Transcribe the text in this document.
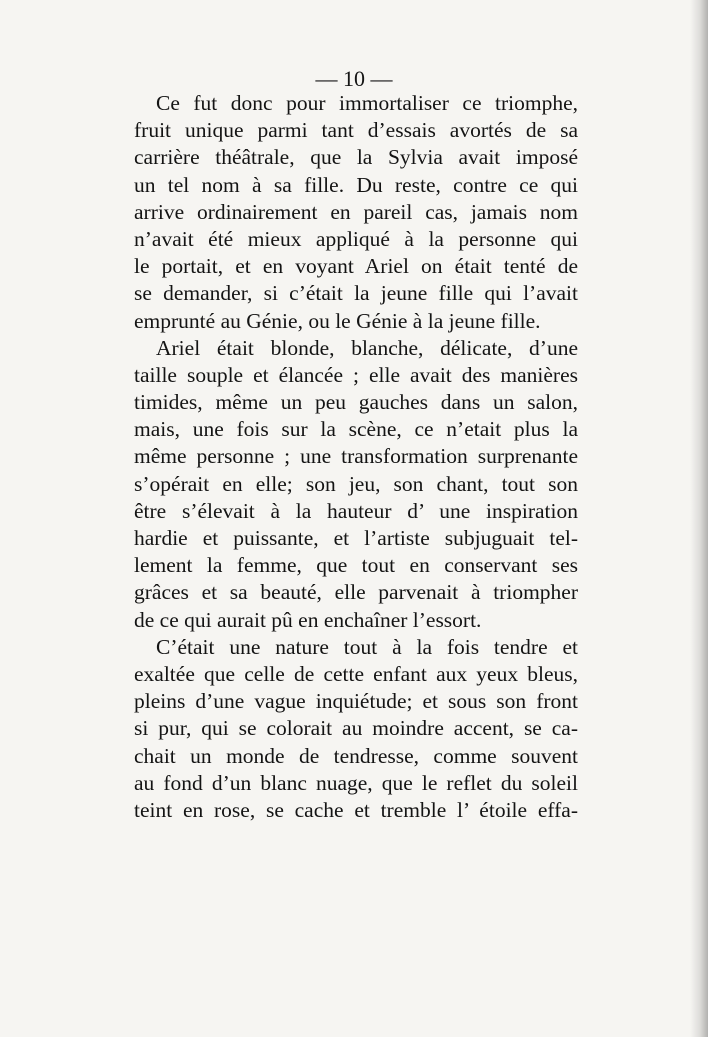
— 10 —
Ce fut donc pour immortaliser ce triomphe,
fruit unique parmi tant d’essais avortés de sa
carrière théâtrale, que la Sylvia avait imposé
un tel nom à sa fille. Du reste, contre ce qui
arrive ordinairement en pareil cas, jamais nom
n’avait été mieux appliqué à la personne qui
le portait, et en voyant Ariel on était tenté de
se demander, si c’était la jeune fille qui l’avait
emprunté au Génie, ou le Génie à la jeune fille.
Ariel était blonde, blanche, délicate, d’une
taille souple et élancée ; elle avait des manières
timides, même un peu gauches dans un salon,
mais, une fois sur la scène, ce n’etait plus la
même personne ; une transformation surprenante
s’opérait en elle; son jeu, son chant, tout son
être s’élevait à la hauteur d’ une inspiration
hardie et puissante, et l’artiste subjuguait tel-
lement la femme, que tout en conservant ses
grâces et sa beauté, elle parvenait à triompher
de ce qui aurait pû en enchaîner l’essort.
C’était une nature tout à la fois tendre et
exaltée que celle de cette enfant aux yeux bleus,
pleins d’une vague inquiétude; et sous son front
si pur, qui se colorait au moindre accent, se ca-
chait un monde de tendresse, comme souvent
au fond d’un blanc nuage, que le reflet du soleil
teint en rose, se cache et tremble l’ étoile effa-
